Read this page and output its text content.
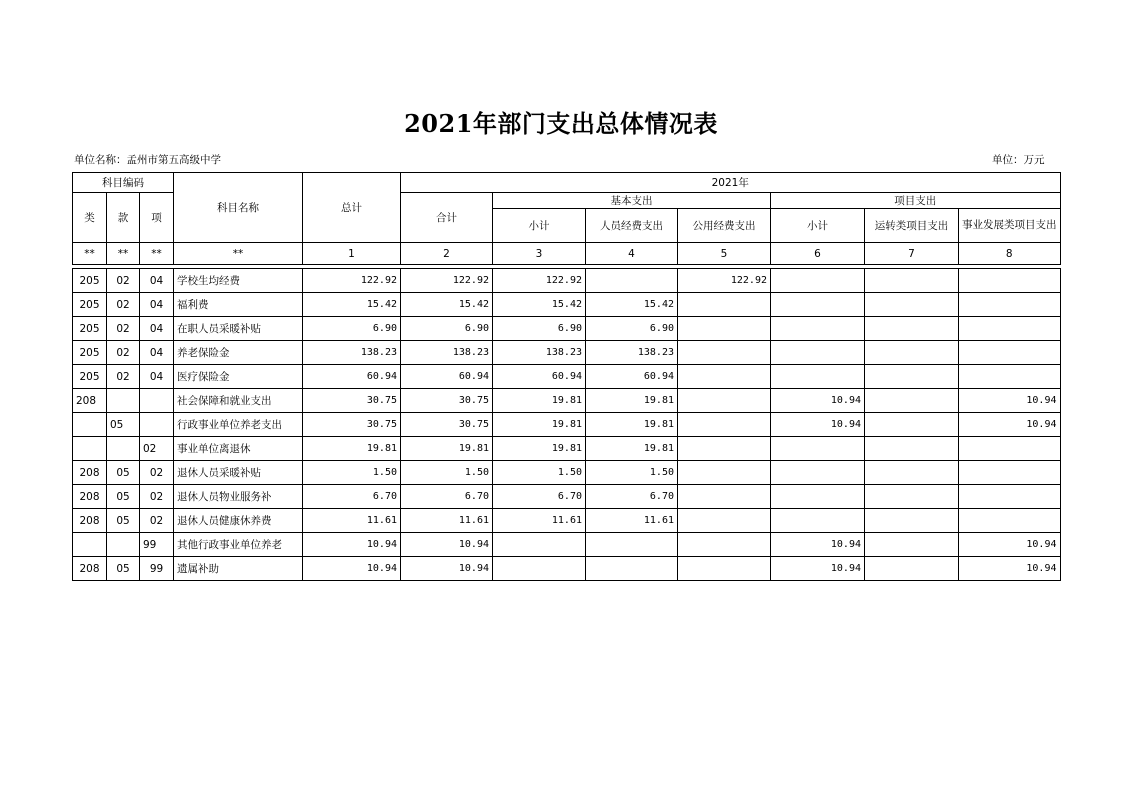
2021年部门支出总体情况表
单位名称：孟州市第五高级中学	单位：万元
科目编码			科目名称	总计	2021年						
类	款	项			合计	基本支出			项目支出		
						小计	人员经费支出	公用经费支出	小计	运转类项目支出	事业发展类项目支出

**	**	**	**	1	2	3	4	5	6	7	8

205	02	04	学校生均经费	122.92	122.92	122.92		122.92			
205	02	04	福利费	15.42	15.42	15.42	15.42				
205	02	04	在职人员采暖补贴	6.90	6.90	6.90	6.90				
205	02	04	养老保险金	138.23	138.23	138.23	138.23				
205	02	04	医疗保险金	60.94	60.94	60.94	60.94				
208			社会保障和就业支出	30.75	30.75	19.81	19.81		10.94		10.94
	05		行政事业单位养老支出	30.75	30.75	19.81	19.81		10.94		10.94
		02	事业单位离退休	19.81	19.81	19.81	19.81				
208	05	02	退休人员采暖补贴	1.50	1.50	1.50	1.50				
208	05	02	退休人员物业服务补	6.70	6.70	6.70	6.70				
208	05	02	退休人员健康休养费	11.61	11.61	11.61	11.61				
		99	其他行政事业单位养老	10.94	10.94				10.94		10.94
208	05	99	遗属补助	10.94	10.94				10.94		10.94
